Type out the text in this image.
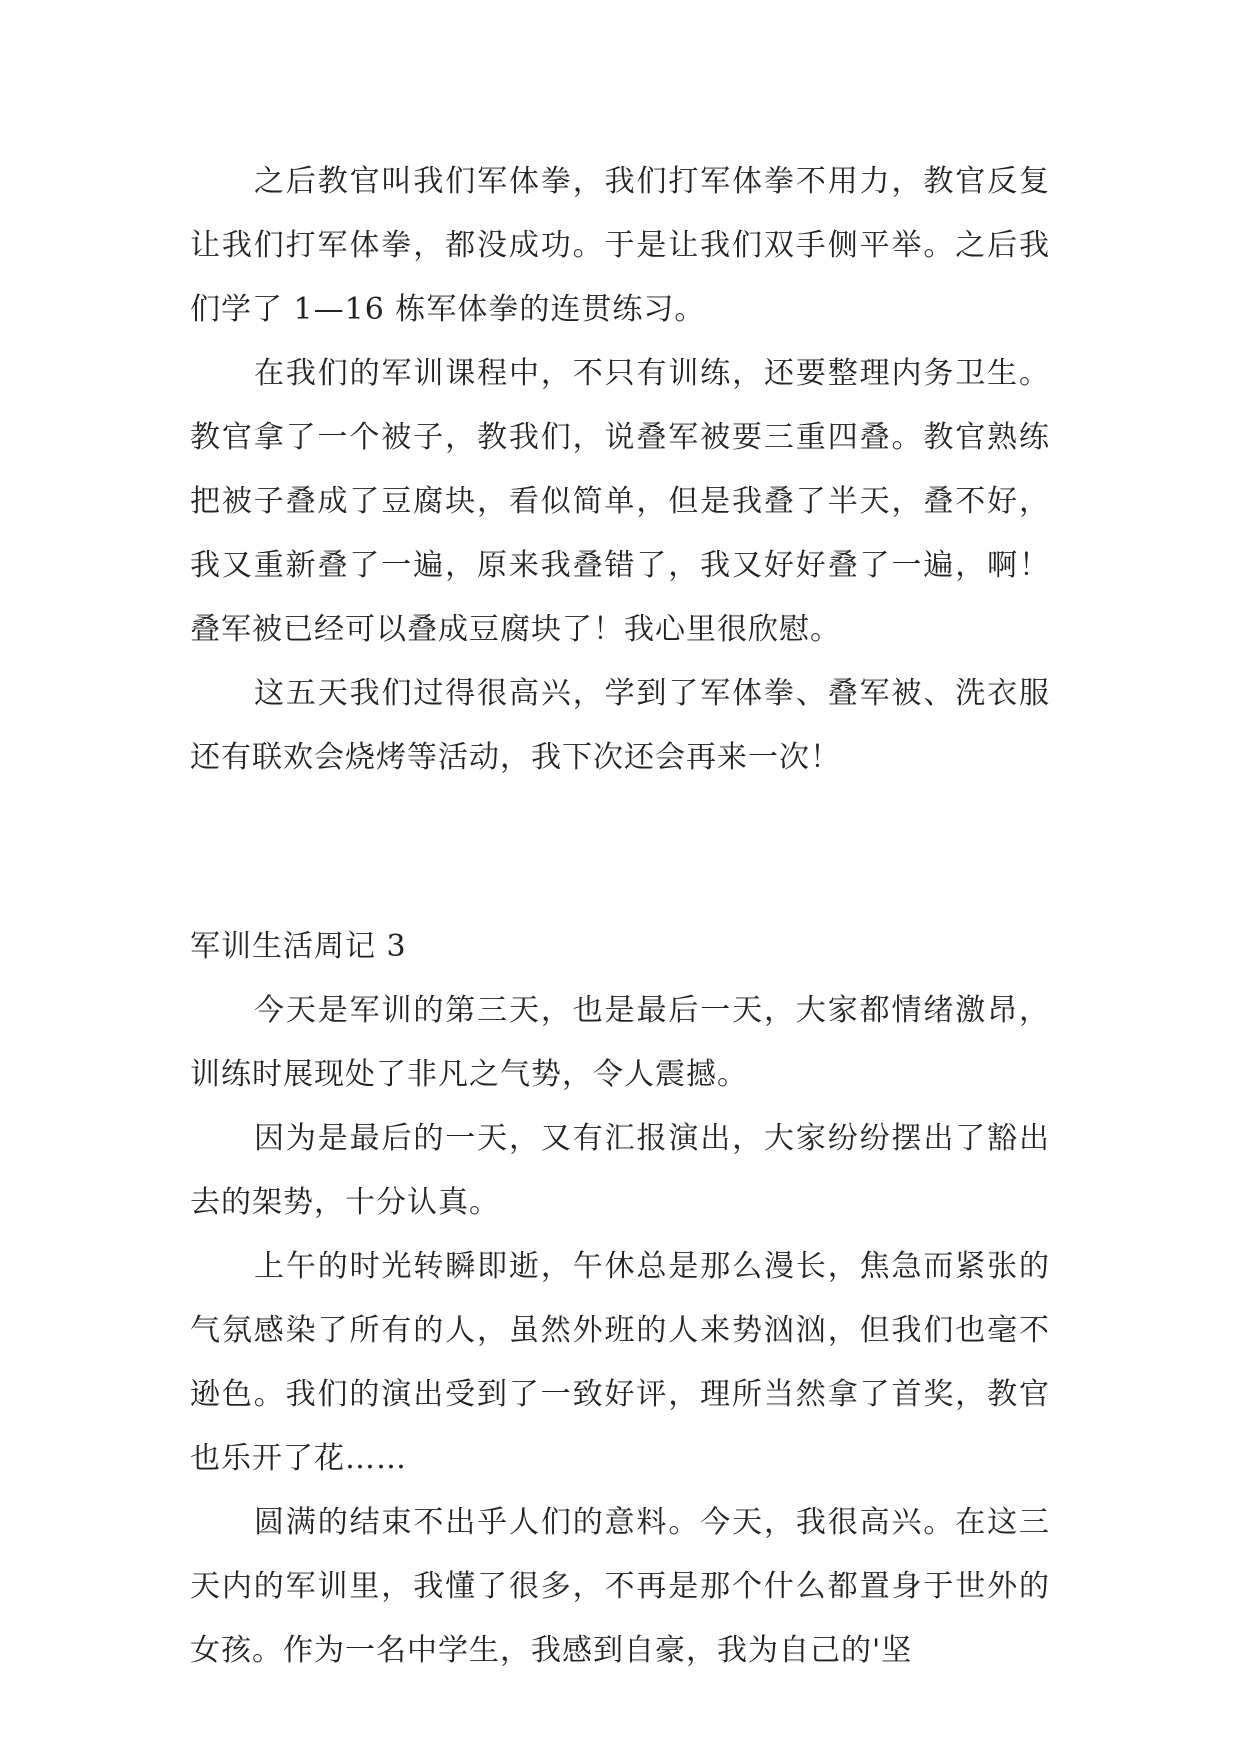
之后教官叫我们军体拳，我们打军体拳不用力，教官反复让我们打军体拳，都没成功。于是让我们双手侧平举。之后我们学了 1—16 栋军体拳的连贯练习。

在我们的军训课程中，不只有训练，还要整理内务卫生。教官拿了一个被子，教我们，说叠军被要三重四叠。教官熟练把被子叠成了豆腐块，看似简单，但是我叠了半天，叠不好，我又重新叠了一遍，原来我叠错了，我又好好叠了一遍，啊！叠军被已经可以叠成豆腐块了！我心里很欣慰。

这五天我们过得很高兴，学到了军体拳、叠军被、洗衣服还有联欢会烧烤等活动，我下次还会再来一次！

军训生活周记 3

今天是军训的第三天，也是最后一天，大家都情绪激昂，训练时展现处了非凡之气势，令人震撼。

因为是最后的一天，又有汇报演出，大家纷纷摆出了豁出去的架势，十分认真。

上午的时光转瞬即逝，午休总是那么漫长，焦急而紧张的气氛感染了所有的人，虽然外班的人来势汹汹，但我们也毫不逊色。我们的演出受到了一致好评，理所当然拿了首奖，教官也乐开了花……

圆满的结束不出乎人们的意料。今天，我很高兴。在这三天内的军训里，我懂了很多，不再是那个什么都置身于世外的女孩。作为一名中学生，我感到自豪，我为自己的'坚
